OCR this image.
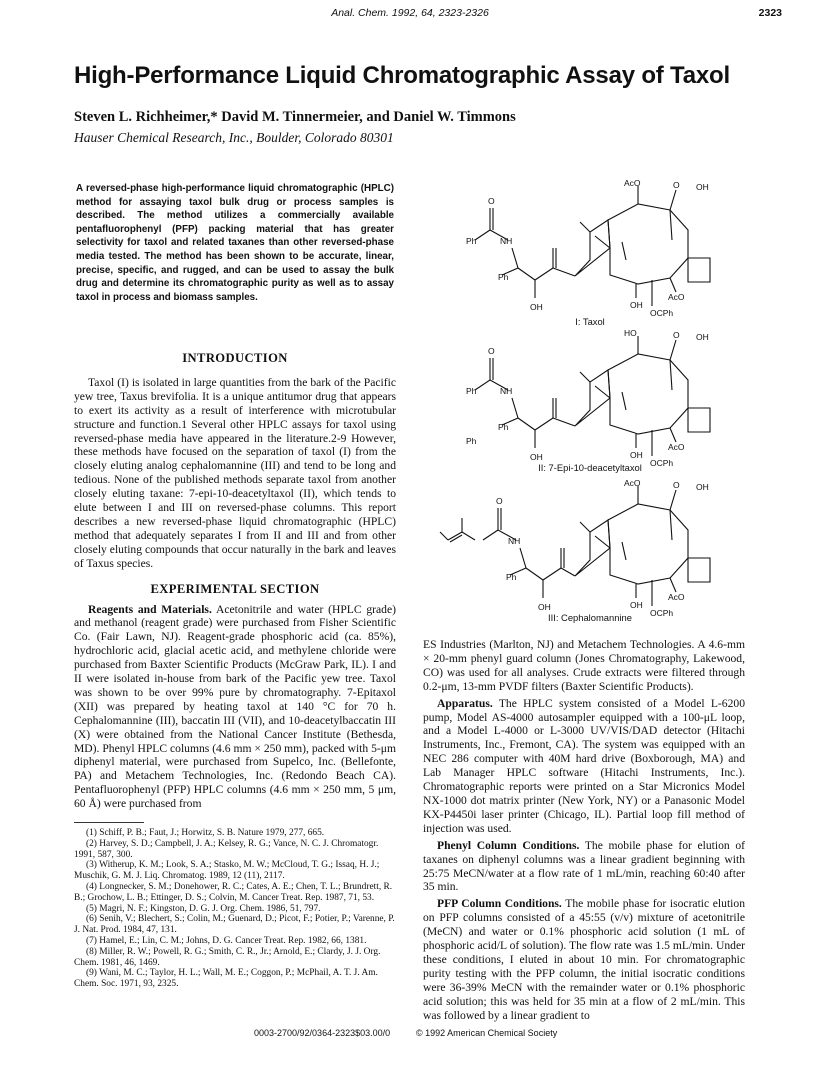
Anal. Chem. 1992, 64, 2323-2326	2323
High-Performance Liquid Chromatographic Assay of Taxol
Steven L. Richheimer,* David M. Tinnermeier, and Daniel W. Timmons
Hauser Chemical Research, Inc., Boulder, Colorado 80301
A reversed-phase high-performance liquid chromatographic (HPLC) method for assaying taxol bulk drug or process samples is described. The method utilizes a commercially available pentafluorophenyl (PFP) packing material that has greater selectivity for taxol and related taxanes than other reversed-phase media tested. The method has been shown to be accurate, linear, precise, specific, and rugged, and can be used to assay the bulk drug and determine its chromatographic purity as well as to assay taxol in process and biomass samples.
INTRODUCTION

Taxol (I) is isolated in large quantities from the bark of the Pacific yew tree, Taxus brevifolia. It is a unique antitumor drug that appears to exert its activity as a result of interference with microtubular structure and function.1 Several other HPLC assays for taxol using reversed-phase media have appeared in the literature.2-9 However, these methods have focused on the separation of taxol (I) from the closely eluting analog cephalomannine (III) and tend to be long and tedious. None of the published methods separate taxol from another closely eluting taxane: 7-epi-10-deacetyltaxol (II), which tends to elute between I and III on reversed-phase columns. This report describes a new reversed-phase liquid chromatographic (HPLC) method that adequately separates I from II and III and from other closely eluting compounds that occur naturally in the bark and leaves of Taxus species.

EXPERIMENTAL SECTION

Reagents and Materials. Acetonitrile and water (HPLC grade) and methanol (reagent grade) were purchased from Fisher Scientific Co. (Fair Lawn, NJ). Reagent-grade phosphoric acid (ca. 85%), hydrochloric acid, glacial acetic acid, and methylene chloride were purchased from Baxter Scientific Products (McGraw Park, IL). I and II were isolated in-house from bark of the Pacific yew tree. Taxol was shown to be over 99% pure by chromatography. 7-Epitaxol (XII) was prepared by heating taxol at 140 °C for 70 h. Cephalomannine (III), baccatin III (VII), and 10-deacetylbaccatin III (X) were obtained from the National Cancer Institute (Bethesda, MD). Phenyl HPLC columns (4.6 mm × 250 mm), packed with 5-μm diphenyl material, were purchased from Supelco, Inc. (Bellefonte, PA) and Metachem Technologies, Inc. (Redondo Beach CA). Pentafluorophenyl (PFP) HPLC columns (4.6 mm × 250 mm, 5 μm, 60 Å) were purchased from

(1) Schiff, P. B.; Faut, J.; Horwitz, S. B. Nature 1979, 277, 665.
(2) Harvey, S. D.; Campbell, J. A.; Kelsey, R. G.; Vance, N. C. J. Chromatogr. 1991, 587, 300.
(3) Witherup, K. M.; Look, S. A.; Stasko, M. W.; McCloud, T. G.; Issaq, H. J.; Muschik, G. M. J. Liq. Chromatog. 1989, 12 (11), 2117.
(4) Longnecker, S. M.; Donehower, R. C.; Cates, A. E.; Chen, T. L.; Brundrett, R. B.; Grochow, L. B.; Ettinger, D. S.; Colvin, M. Cancer Treat. Rep. 1987, 71, 53.
(5) Magri, N. F.; Kingston, D. G. J. Org. Chem. 1986, 51, 797.
(6) Senih, V.; Blechert, S.; Colin, M.; Guenard, D.; Picot, F.; Potier, P.; Varenne, P. J. Nat. Prod. 1984, 47, 131.
(7) Hamel, E.; Lin, C. M.; Johns, D. G. Cancer Treat. Rep. 1982, 66, 1381.
(8) Miller, R. W.; Powell, R. G.; Smith, C. R., Jr.; Arnold, E.; Clardy, J. J. Org. Chem. 1981, 46, 1469.
(9) Wani, M. C.; Taylor, H. L.; Wall, M. E.; Coggon, P.; McPhail, A. T. J. Am. Chem. Soc. 1971, 93, 2325.

ES Industries (Marlton, NJ) and Metachem Technologies. A 4.6-mm × 20-mm phenyl guard column (Jones Chromatography, Lakewood, CO) was used for all analyses. Crude extracts were filtered through 0.2-μm, 13-mm PVDF filters (Baxter Scientific Products).

Apparatus. The HPLC system consisted of a Model L-6200 pump, Model AS-4000 autosampler equipped with a 100-μL loop, and a Model L-4000 or L-3000 UV/VIS/DAD detector (Hitachi Instruments, Inc., Fremont, CA). The system was equipped with an NEC 286 computer with 40M hard drive (Boxborough, MA) and Lab Manager HPLC software (Hitachi Instruments, Inc.). Chromatographic reports were printed on a Star Micronics Model NX-1000 dot matrix printer (New York, NY) or a Panasonic Model KX-P4450i laser printer (Chicago, IL). Partial loop fill method of injection was used.

Phenyl Column Conditions. The mobile phase for elution of taxanes on diphenyl columns was a linear gradient beginning with 25:75 MeCN/water at a flow rate of 1 mL/min, reaching 60:40 after 35 min.

PFP Column Conditions. The mobile phase for isocratic elution on PFP columns consisted of a 45:55 (v/v) mixture of acetonitrile (MeCN) and water or 0.1% phosphoric acid solution (1 mL of phosphoric acid/L of solution). The flow rate was 1.5 mL/min. Under these conditions, I eluted in about 10 min. For chromatographic purity testing with the PFP column, the initial isocratic conditions were 36-39% MeCN with the remainder water or 0.1% phosphoric acid solution; this was held for 35 min at a flow of 2 mL/min. This was followed by a linear gradient to

AcO	O OH
Ph	NH
Ph
OH
AcO
OH
OCPh
O
I: Taxol
HO	O OH
Ph	NH
Ph
OH
AcO
OH
OCPh
O
II: 7-Epi-10-deacetyltaxol
AcO	O OH
Ph
NH
Ph
OH
AcO
OH
OCPh
O
III: Cephalomannine
0003-2700/92/0364-2323$03.00/0	© 1992 American Chemical Society
